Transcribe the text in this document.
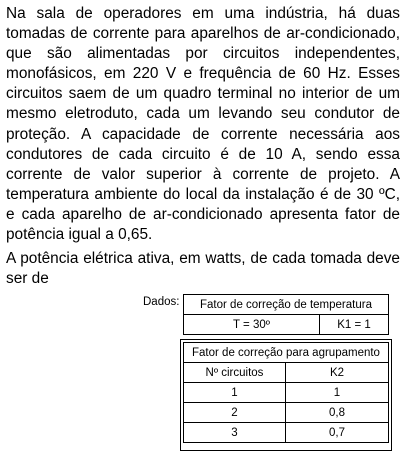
Na sala de operadores em uma indústria, há duas tomadas de corrente para aparelhos de ar-condicionado, que são alimentadas por circuitos independentes, monofásicos, em 220 V e frequência de 60 Hz. Esses circuitos saem de um quadro terminal no interior de um mesmo eletroduto, cada um levando seu condutor de proteção. A capacidade de corrente necessária aos condutores de cada circuito é de 10 A, sendo essa corrente de valor superior à corrente de projeto. A temperatura ambiente do local da instalação é de 30 ºC, e cada aparelho de ar-condicionado apresenta fator de potência igual a 0,65.

A potência elétrica ativa, em watts, de cada tomada deve ser de

Dados: Fator de correção de temperatura
T = 30º	K1 = 1
Fator de correção para agrupamento	
Nº circuitos	K2
1	1
2	0,8
3	0,7
